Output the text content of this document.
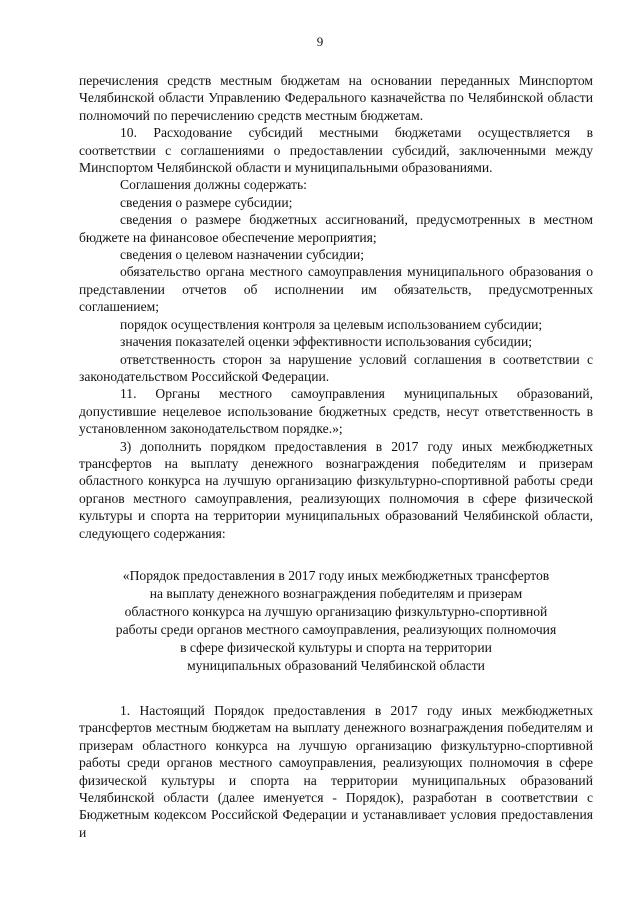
9

перечисления средств местным бюджетам на основании переданных Минспортом Челябинской области Управлению Федерального казначейства по Челябинской области полномочий по перечислению средств местным бюджетам.

10. Расходование субсидий местными бюджетами осуществляется в соответствии с соглашениями о предоставлении субсидий, заключенными между Минспортом Челябинской области и муниципальными образованиями.

Соглашения должны содержать:

сведения о размере субсидии;

сведения о размере бюджетных ассигнований, предусмотренных в местном бюджете на финансовое обеспечение мероприятия;

сведения о целевом назначении субсидии;

обязательство органа местного самоуправления муниципального образования о представлении отчетов об исполнении им обязательств, предусмотренных соглашением;

порядок осуществления контроля за целевым использованием субсидии;

значения показателей оценки эффективности использования субсидии;

ответственность сторон за нарушение условий соглашения в соответствии с законодательством Российской Федерации.

11. Органы местного самоуправления муниципальных образований, допустившие нецелевое использование бюджетных средств, несут ответственность в установленном законодательством порядке.»;

3) дополнить порядком предоставления в 2017 году иных межбюджетных трансфертов на выплату денежного вознаграждения победителям и призерам областного конкурса на лучшую организацию физкультурно-спортивной работы среди органов местного самоуправления, реализующих полномочия в сфере физической культуры и спорта на территории муниципальных образований Челябинской области, следующего содержания:

«Порядок предоставления в 2017 году иных межбюджетных трансфертов
на выплату денежного вознаграждения победителям и призерам
областного конкурса на лучшую организацию физкультурно-спортивной
работы среди органов местного самоуправления, реализующих полномочия
в сфере физической культуры и спорта на территории
муниципальных образований Челябинской области

1. Настоящий Порядок предоставления в 2017 году иных межбюджетных трансфертов местным бюджетам на выплату денежного вознаграждения победителям и призерам областного конкурса на лучшую организацию физкультурно-спортивной работы среди органов местного самоуправления, реализующих полномочия в сфере физической культуры и спорта на территории муниципальных образований Челябинской области (далее именуется - Порядок), разработан в соответствии с Бюджетным кодексом Российской Федерации и устанавливает условия предоставления и
